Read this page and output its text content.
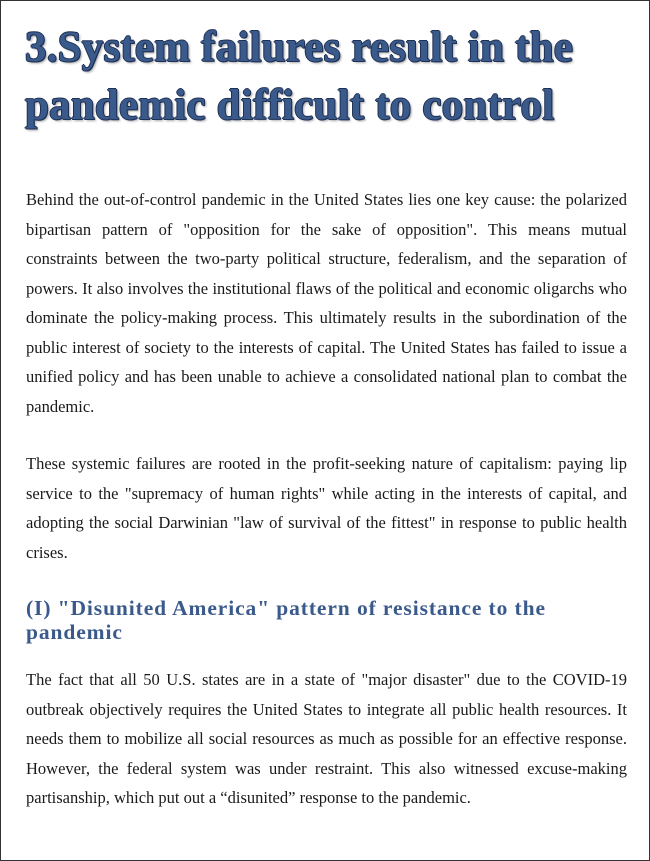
3.System failures result in the pandemic difficult to control

Behind the out-of-control pandemic in the United States lies one key cause: the polarized bipartisan pattern of "opposition for the sake of opposition". This means mutual constraints between the two-party political structure, federalism, and the separation of powers. It also involves the institutional flaws of the political and economic oligarchs who dominate the policy-making process. This ultimately results in the subordination of the public interest of society to the interests of capital. The United States has failed to issue a unified policy and has been unable to achieve a consolidated national plan to combat the pandemic.

These systemic failures are rooted in the profit-seeking nature of capitalism: paying lip service to the "supremacy of human rights" while acting in the interests of capital, and adopting the social Darwinian "law of survival of the fittest" in response to public health crises.

(I) "Disunited America" pattern of resistance to the pandemic

The fact that all 50 U.S. states are in a state of "major disaster" due to the COVID-19 outbreak objectively requires the United States to integrate all public health resources. It needs them to mobilize all social resources as much as possible for an effective response. However, the federal system was under restraint. This also witnessed excuse-making partisanship, which put out a “disunited” response to the pandemic.
